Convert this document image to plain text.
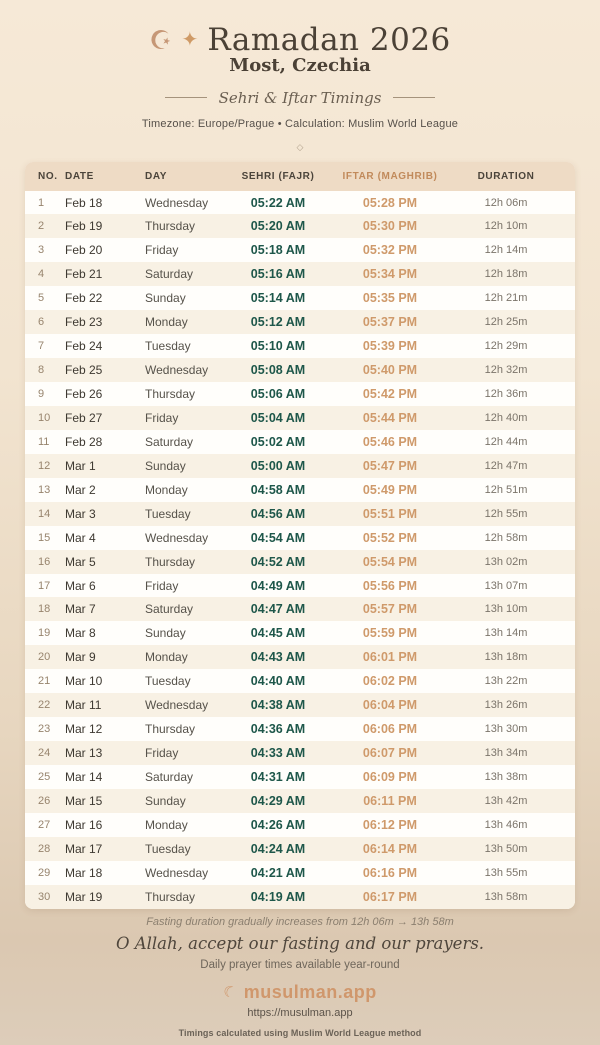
☪ ✦ Ramadan 2026
Most, Czechia
Sehri & Iftar Timings
Timezone: Europe/Prague • Calculation: Muslim World League
◇
NO. DATE	DAY	SEHRI (FAJR)	IFTAR (MAGHRIB)	DURATION
1	Feb 18	Wednesday	05:22 AM	05:28 PM	12h 06m
2	Feb 19	Thursday	05:20 AM	05:30 PM	12h 10m
3	Feb 20	Friday	05:18 AM	05:32 PM	12h 14m
4	Feb 21	Saturday	05:16 AM	05:34 PM	12h 18m
5	Feb 22	Sunday	05:14 AM	05:35 PM	12h 21m
6	Feb 23	Monday	05:12 AM	05:37 PM	12h 25m
7	Feb 24	Tuesday	05:10 AM	05:39 PM	12h 29m
8	Feb 25	Wednesday	05:08 AM	05:40 PM	12h 32m
9	Feb 26	Thursday	05:06 AM	05:42 PM	12h 36m
10	Feb 27	Friday	05:04 AM	05:44 PM	12h 40m
11	Feb 28	Saturday	05:02 AM	05:46 PM	12h 44m
12	Mar 1	Sunday	05:00 AM	05:47 PM	12h 47m
13	Mar 2	Monday	04:58 AM	05:49 PM	12h 51m
14	Mar 3	Tuesday	04:56 AM	05:51 PM	12h 55m
15	Mar 4	Wednesday	04:54 AM	05:52 PM	12h 58m
16	Mar 5	Thursday	04:52 AM	05:54 PM	13h 02m
17	Mar 6	Friday	04:49 AM	05:56 PM	13h 07m
18	Mar 7	Saturday	04:47 AM	05:57 PM	13h 10m
19	Mar 8	Sunday	04:45 AM	05:59 PM	13h 14m
20	Mar 9	Monday	04:43 AM	06:01 PM	13h 18m
21	Mar 10	Tuesday	04:40 AM	06:02 PM	13h 22m
22	Mar 11	Wednesday	04:38 AM	06:04 PM	13h 26m
23	Mar 12	Thursday	04:36 AM	06:06 PM	13h 30m
24	Mar 13	Friday	04:33 AM	06:07 PM	13h 34m
25	Mar 14	Saturday	04:31 AM	06:09 PM	13h 38m
26	Mar 15	Sunday	04:29 AM	06:11 PM	13h 42m
27	Mar 16	Monday	04:26 AM	06:12 PM	13h 46m
28	Mar 17	Tuesday	04:24 AM	06:14 PM	13h 50m
29	Mar 18	Wednesday	04:21 AM	06:16 PM	13h 55m
30	Mar 19	Thursday	04:19 AM	06:17 PM	13h 58m
Fasting duration gradually increases from 12h 06m → 13h 58m
O Allah, accept our fasting and our prayers.
Daily prayer times available year-round
☾ musulman.app
https://musulman.app
Timings calculated using Muslim World League method
